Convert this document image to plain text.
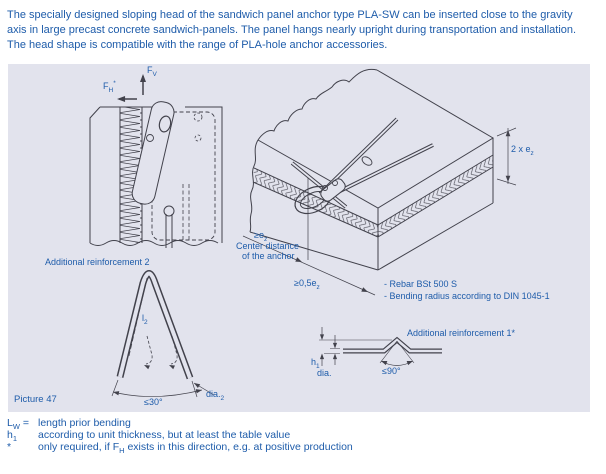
The specially designed sloping head of the sandwich panel anchor type PLA-SW can be inserted close to the gravity
axis in large precast concrete sandwich-panels. The panel hangs nearly upright during transportation and installation.
The head shape is compatible with the range of PLA-hole anchor accessories.
$F_V$
$F_H^*$
Additional reinforcement 2
$l_2$
≤30°
$dia._2$
2 x $e_z$
$\ge e_z$
Center distance
of the anchor
$\ge 0,5e_z$	- Rebar BSt 500 S
- Bending radius according to DIN 1045-1
Additional reinforcement 1*
$h_1$
dia.	≤90°
Picture 47
$L_W$ = length prior bending
$h_1$ according to unit thickness, but at least the table value
*	only required, if $F_H$ exists in this direction, e.g. at positive production
